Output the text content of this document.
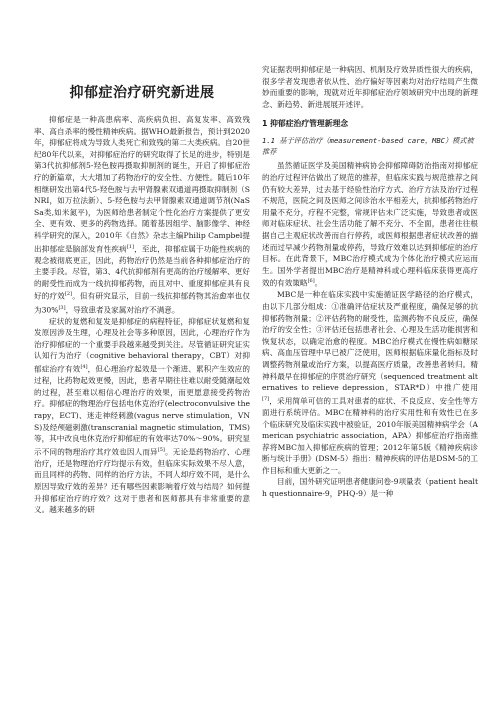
抑郁症治疗研究新进展

抑郁症是一种高患病率、高疾病负担、高复发率、高致残率、高自杀率的慢性精神疾病。据WHO最新报告，预计到2020年，抑郁症将成为导致人类死亡和致残的第二大类疾病。自20世纪80年代以来，对抑郁症治疗的研究取得了长足的进步，特别是第3代抗抑郁剂5-羟色胺再摄取抑制剂的诞生，开启了抑郁症治疗的新篇章，大大增加了药物治疗的安全性、方便性。随后10年相继研发出第4代5-羟色胺与去甲肾腺素双通道再摄取抑制剂（SNRI，如万拉法新）、5-羟色胺与去甲肾腺素双通道调节剂(NaSSa类,如米氮平)，为医师给患者制定个性化治疗方案提供了更安全、更有效、更多的药物选择。随着基因组学、脑影像学、神经科学研究的深入，2010年《自然》杂志主编Philip Campbel提出抑郁症是脑部发育性疾病[1]，至此，抑郁症属于功能性疾病的观念被彻底更正，因此，药物治疗仍然是当前各种抑郁症治疗的主要手段。尽管，第3、4代抗抑郁剂有更高的治疗缓解率、更好的耐受性而成为一线抗抑郁药物，而且对中、重度抑郁症具有良好的疗效[2]。但有研究显示，目前一线抗抑郁药物其治愈率也仅为30%[3]，导致患者及家属对治疗不满意。

症状的复燃和复发是抑郁症的病程特征，抑郁症状复燃和复发原因涉及生理，心理及社会等多种原因，因此，心理治疗作为治疗抑郁症的一个重要手段越来越受到关注。尽管循证研究证实认知行为治疗（cognitive behavioral therapy，CBT）对抑郁症治疗有效[4]，但心理治疗起效是一个渐进、累积产生效应的过程，比药物起效更慢，因此，患者早期往往难以耐受随潮起效的过程，甚至难以相信心理治疗的效果，而更愿意接受药物治疗。抑郁症的物理治疗包括电休克治疗(electroconvulsive therapy，ECT)、迷走神经刺激(vagus nerve stimulation，VNS)及经颅磁刺激(transcranial magnetic stimulation，TMS)等，其中改良电休克治疗抑郁症的有效率达70%～90%。研究显示不同的物理治疗其疗效也因人而异[5]。无论是药物治疗、心理治疗，还是物理治疗疗均提示有效，但临床实际效果不尽人意，而且同样的药物、同样的治疗方法，不同人却疗效不同，是什么原因导致疗效的差异？还有哪些因素影响着疗效与结局？如何提升抑郁症治疗的疗效？这对于患者和医师都具有非常重要的意义。越来越多的研

究证据表明抑郁症是一种病因、机制及疗效异质性很大的疾病，很多学者发现患者依从性、治疗偏好等因素均对治疗结局产生微妙而重要的影响，现就对近年抑郁症治疗领域研究中出现的新理念、新趋势、新进展展开述评。

1 抑郁症治疗管理新理念
1.1 基于评估治疗（measurement-based care，MBC）模式被推荐

虽然循证医学及美国精神病协会抑郁障碍防治指南对抑郁症的治疗过程评估做出了规范的推荐，但临床实践与规范推荐之间仍有较大差异，过去基于经验性治疗方式、治疗方法及治疗过程不规范，医院之间及医师之间诊治水平相差大，抗抑郁药物治疗用量不充分，疗程不完整，常规评估未广泛实施，导致患者或医师对临床症状、社会生活功能了解不充分、不全面，患者往往根据自己主观症状改善而自行停药，或医师根据患者症状改善的描述而过早减少药物剂量或停药，导致疗效难以达到抑郁症的治疗目标。在此背景下，MBC治疗模式成为个体化治疗模式应运而生。国外学者提出MBC治疗是精神科或心理科临床获得更高疗效的有效策略[6]。

MBC是一种在临床实践中实施循证医学路径的治疗模式，由以下几部分组成：①准确评估症状及严重程度，确保足够的抗抑郁药物剂量；②评估药物的耐受性，监测药物不良反应，确保治疗的安全性；③评估还包括患者社会、心理及生活功能损害和恢复状态，以确定治愈的程度。MBC治疗模式在慢性病如糖尿病、高血压管理中早已被广泛使用，医师根据临床量化指标及时调整药物剂量或治疗方案，以提高医疗质量，改善患者转归。精神科最早在抑郁症的序贯治疗研究（sequenced treatment alternatives to relieve depression，STAR*D）中推广使用[7]，采用简单可信的工具对患者的症状、不良反应、安全性等方面进行系统评估。MBC在精神科的治疗实用性和有效性已在多个临床研究及临床实践中被验证，2010年版美国精神病学会（American psychiatric association，APA）抑郁症治疗指南推荐将MBC加入抑郁症疾病的管理；2012年第5版《精神疾病诊断与统计手册》(DSM-5）指出：精神疾病的评估是DSM-5的工作目标和重大更新之一。

目前，国外研究证明患者健康问卷-9项量表（patient health questionnaire-9，PHQ-9）是一种
